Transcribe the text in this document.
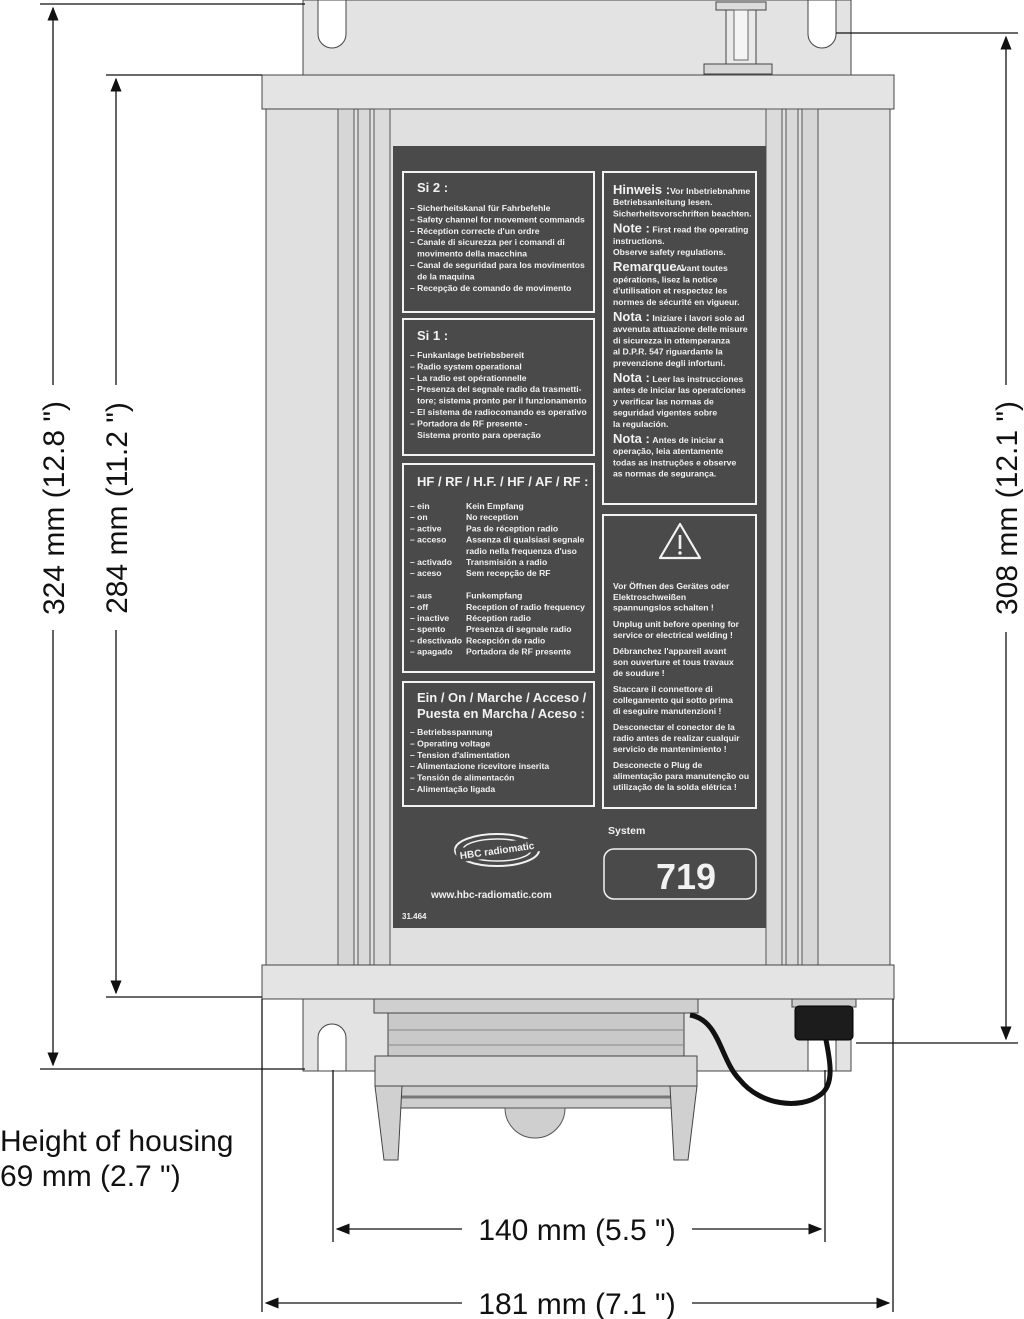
Si 2 :
Si 1 :
HF / RF / H.F. / HF / AF / RF :
Ein / On / Marche / Acceso /
Puesta en Marcha / Aceso :
– Sicherheitskanal für Fahrbefehle
– Safety channel for movement commands
– Réception correcte d'un ordre
– Canale di sicurezza per i comandi di
movimento della macchina
– Canal de seguridad para los movimentos
de la maquina
– Recepção de comando de movimento
– Funkanlage betriebsbereit
– Radio system operational
– La radio est opérationnelle
– Presenza del segnale radio da trasmetti-
tore; sistema pronto per il funzionamento
– El sistema de radiocomando es operativo
– Portadora de RF presente -
Sistema pronto para operação
– ein	Kein Empfang
– on	No reception
– active	Pas de réception radio
– acceso Assenza di qualsiasi segnale
radio nella frequenza d'uso
– activado Transmisión a radio
– aceso	Sem recepção de RF
– aus	Funkempfang
– off	Reception of radio frequency
– inactive Réception radio
– spento Presenza di segnale radio
– desctivado Recepción de radio
– apagado Portadora de RF presente
– Betriebsspannung
– Operating voltage
– Tension d'alimentation
– Alimentazione ricevitore inserita
– Tensión de alimentacón
– Alimentação ligada
Hinweis : Vor Inbetriebnahme
Betriebsanleitung lesen.
Sicherheitsvorschriften beachten.
Note : First read the operating
instructions.
Observe safety regulations.
Remarque :
Avant toutes
opérations, lisez la notice
d'utilisation et respectez les
normes de sécurité en vigueur.
Nota : Iniziare i lavori solo ad
avvenuta attuazione delle misure
di sicurezza in ottemperanza
al D.P.R. 547 riguardante la
prevenzione degli infortuni.
Nota : Leer las instrucciones
antes de iniciar las operatciones
y verificar las normas de
seguridad vigentes sobre
la regulación.
Nota : Antes de iniciar a
operação, leia atentamente
todas as instruções e observe
as normas de segurança.
Vor Öffnen des Gerätes oder
Elektroschweißen
spannungslos schalten !
Unplug unit before opening for
service or electrical welding !
Débranchez l'appareil avant
son ouverture et tous travaux
de soudure !
Staccare il connettore di
collegamento qui sotto prima
di eseguire manutenzioni !
Desconectar el conector de la
radio antes de realizar cualquir
servicio de mantenimiento !
Desconecte o Plug de
alimentação para manutenção ou
utilização de la solda elétrica !
HBC radiomatic
www.hbc-radiomatic.com
31.464
System
719
324 mm (12.8 ") 284 mm (11.2 ")	308 mm (12.1 ")
140 mm (5.5 ")
181 mm (7.1 ")
Height of housing
69 mm (2.7 ")
